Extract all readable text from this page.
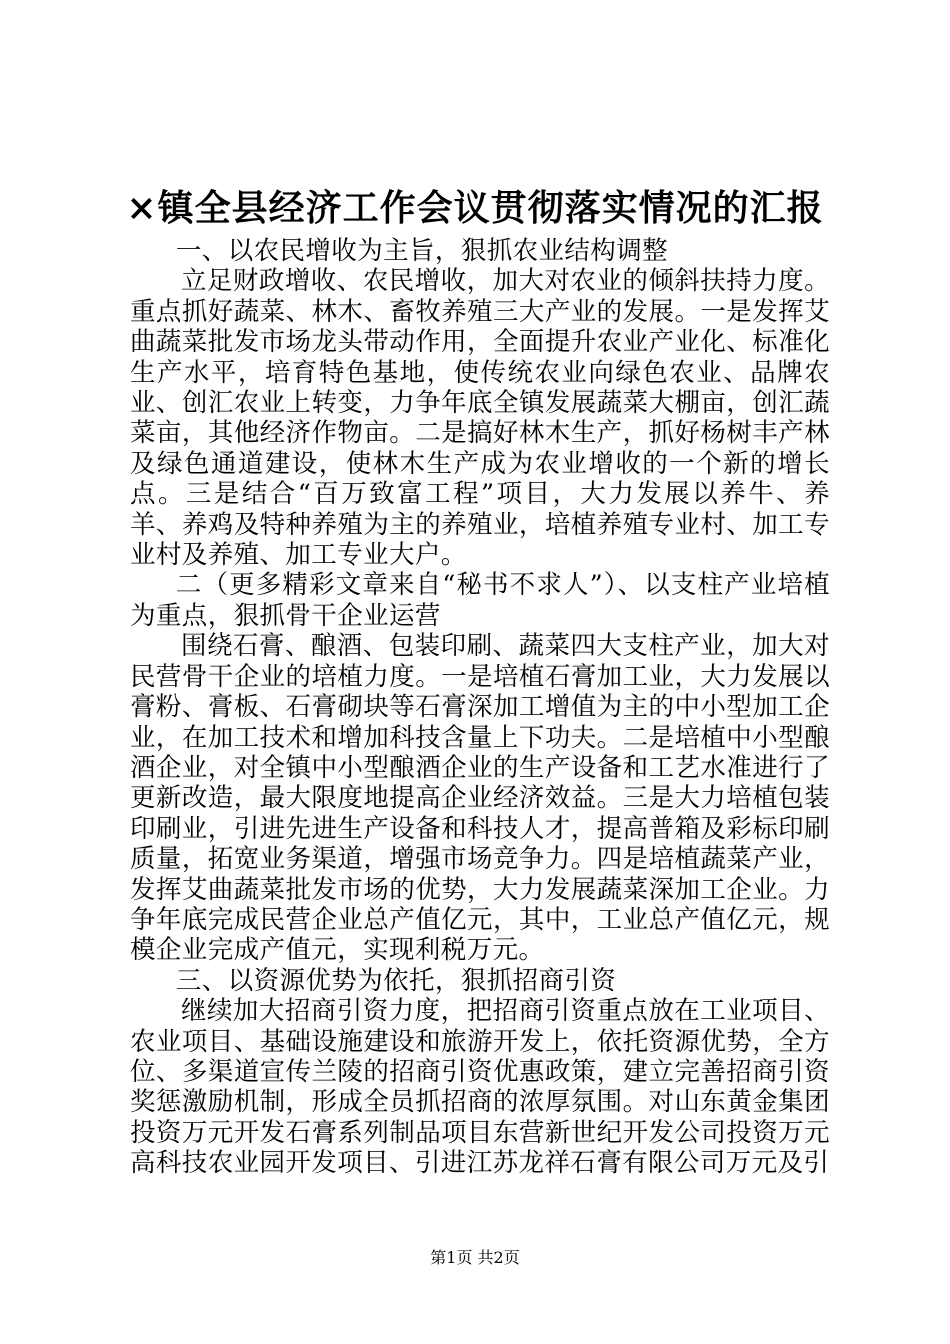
×镇全县经济工作会议贯彻落实情况的汇报

一、以农民增收为主旨，狠抓农业结构调整

立足财政增收、农民增收，加大对农业的倾斜扶持力度。重点抓好蔬菜、林木、畜牧养殖三大产业的发展。一是发挥艾曲蔬菜批发市场龙头带动作用，全面提升农业产业化、标准化生产水平，培育特色基地，使传统农业向绿色农业、品牌农业、创汇农业上转变，力争年底全镇发展蔬菜大棚亩，创汇蔬菜亩，其他经济作物亩。二是搞好林木生产，抓好杨树丰产林及绿色通道建设，使林木生产成为农业增收的一个新的增长点。三是结合“百万致富工程”项目，大力发展以养牛、养羊、养鸡及特种养殖为主的养殖业，培植养殖专业村、加工专业村及养殖、加工专业大户。

二（更多精彩文章来自“秘书不求人”）、以支柱产业培植为重点，狠抓骨干企业运营

围绕石膏、酿酒、包装印刷、蔬菜四大支柱产业，加大对民营骨干企业的培植力度。一是培植石膏加工业，大力发展以膏粉、膏板、石膏砌块等石膏深加工增值为主的中小型加工企业，在加工技术和增加科技含量上下功夫。二是培植中小型酿酒企业，对全镇中小型酿酒企业的生产设备和工艺水准进行了更新改造，最大限度地提高企业经济效益。三是大力培植包装印刷业，引进先进生产设备和科技人才，提高普箱及彩标印刷质量，拓宽业务渠道，增强市场竞争力。四是培植蔬菜产业，发挥艾曲蔬菜批发市场的优势，大力发展蔬菜深加工企业。力争年底完成民营企业总产值亿元，其中，工业总产值亿元，规模企业完成产值元，实现利税万元。

三、以资源优势为依托，狠抓招商引资

继续加大招商引资力度，把招商引资重点放在工业项目、农业项目、基础设施建设和旅游开发上，依托资源优势，全方位、多渠道宣传兰陵的招商引资优惠政策，建立完善招商引资奖惩激励机制，形成全员抓招商的浓厚氛围。对山东黄金集团投资万元开发石膏系列制品项目东营新世纪开发公司投资万元高科技农业园开发项目、引进江苏龙祥石膏有限公司万元及引

第1页 共2页
